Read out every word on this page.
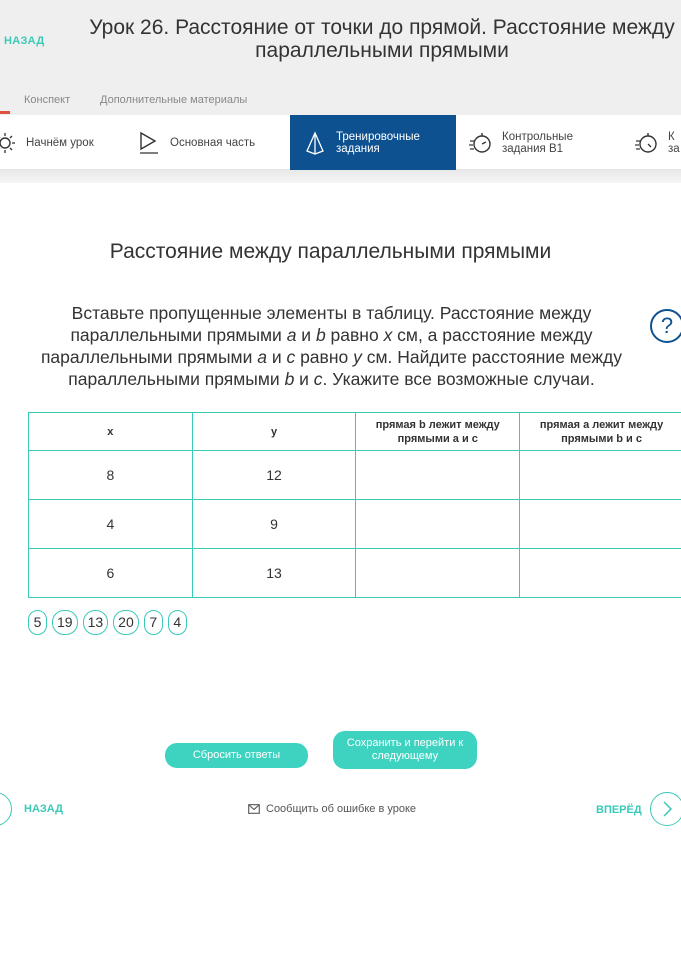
НАЗАД
Урок 26. Расстояние от точки до прямой. Расстояние между параллельными прямыми
Конспект	Дополнительные материалы
Начнём урок	Основная часть	Тренировочные задания
Контрольные задания B1
К за
Расстояние между параллельными прямыми
Вставьте пропущенные элементы в таблицу. Расстояние между параллельными прямыми a и b равно x см, а расстояние между параллельными прямыми a и c равно y см. Найдите расстояние между параллельными прямыми b и c. Укажите все возможные случаи.
?
x	y	прямая b лежит между прямыми a и c	прямая a лежит между прямыми b и c
8	12		
4	9		
6	13		
5	19	13	20	7	4
Сбросить ответы
Сохранить и перейти к следующему
НАЗАД	Сообщить об ошибке в уроке	ВПЕРЁД
